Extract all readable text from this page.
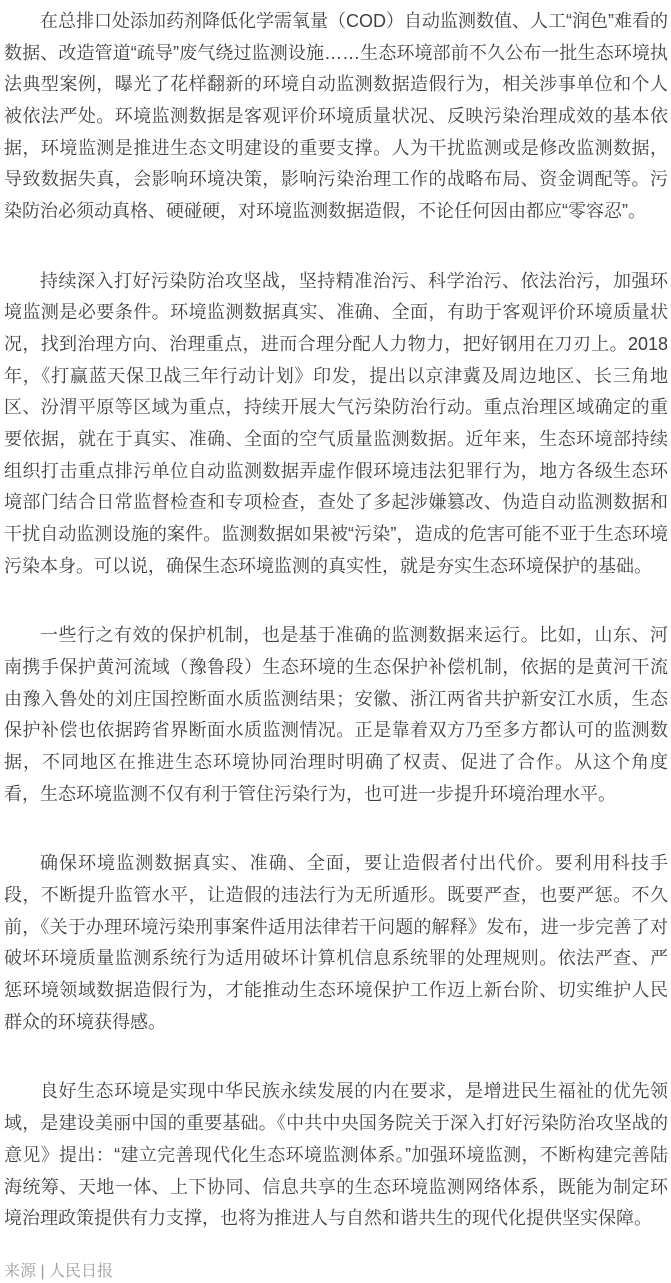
在总排口处添加药剂降低化学需氧量（COD）自动监测数值、人工“润色”难看的数据、改造管道“疏导”废气绕过监测设施……生态环境部前不久公布一批生态环境执法典型案例，曝光了花样翻新的环境自动监测数据造假行为，相关涉事单位和个人被依法严处。环境监测数据是客观评价环境质量状况、反映污染治理成效的基本依据，环境监测是推进生态文明建设的重要支撑。人为干扰监测或是修改监测数据，导致数据失真，会影响环境决策，影响污染治理工作的战略布局、资金调配等。污染防治必须动真格、硬碰硬，对环境监测数据造假，不论任何因由都应“零容忍”。

持续深入打好污染防治攻坚战，坚持精准治污、科学治污、依法治污，加强环境监测是必要条件。环境监测数据真实、准确、全面，有助于客观评价环境质量状况，找到治理方向、治理重点，进而合理分配人力物力，把好钢用在刀刃上。2018年，《打赢蓝天保卫战三年行动计划》印发，提出以京津冀及周边地区、长三角地区、汾渭平原等区域为重点，持续开展大气污染防治行动。重点治理区域确定的重要依据，就在于真实、准确、全面的空气质量监测数据。近年来，生态环境部持续组织打击重点排污单位自动监测数据弄虚作假环境违法犯罪行为，地方各级生态环境部门结合日常监督检查和专项检查，查处了多起涉嫌篡改、伪造自动监测数据和干扰自动监测设施的案件。监测数据如果被“污染”，造成的危害可能不亚于生态环境污染本身。可以说，确保生态环境监测的真实性，就是夯实生态环境保护的基础。

一些行之有效的保护机制，也是基于准确的监测数据来运行。比如，山东、河南携手保护黄河流域（豫鲁段）生态环境的生态保护补偿机制，依据的是黄河干流由豫入鲁处的刘庄国控断面水质监测结果；安徽、浙江两省共护新安江水质，生态保护补偿也依据跨省界断面水质监测情况。正是靠着双方乃至多方都认可的监测数据，不同地区在推进生态环境协同治理时明确了权责、促进了合作。从这个角度看，生态环境监测不仅有利于管住污染行为，也可进一步提升环境治理水平。

确保环境监测数据真实、准确、全面，要让造假者付出代价。要利用科技手段，不断提升监管水平，让造假的违法行为无所遁形。既要严查，也要严惩。不久前，《关于办理环境污染刑事案件适用法律若干问题的解释》发布，进一步完善了对破坏环境质量监测系统行为适用破坏计算机信息系统罪的处理规则。依法严查、严惩环境领域数据造假行为，才能推动生态环境保护工作迈上新台阶、切实维护人民群众的环境获得感。

良好生态环境是实现中华民族永续发展的内在要求，是增进民生福祉的优先领域，是建设美丽中国的重要基础。《中共中央国务院关于深入打好污染防治攻坚战的意见》提出：“建立完善现代化生态环境监测体系。”加强环境监测，不断构建完善陆海统筹、天地一体、上下协同、信息共享的生态环境监测网络体系，既能为制定环境治理政策提供有力支撑，也将为推进人与自然和谐共生的现代化提供坚实保障。

来源 | 人民日报
